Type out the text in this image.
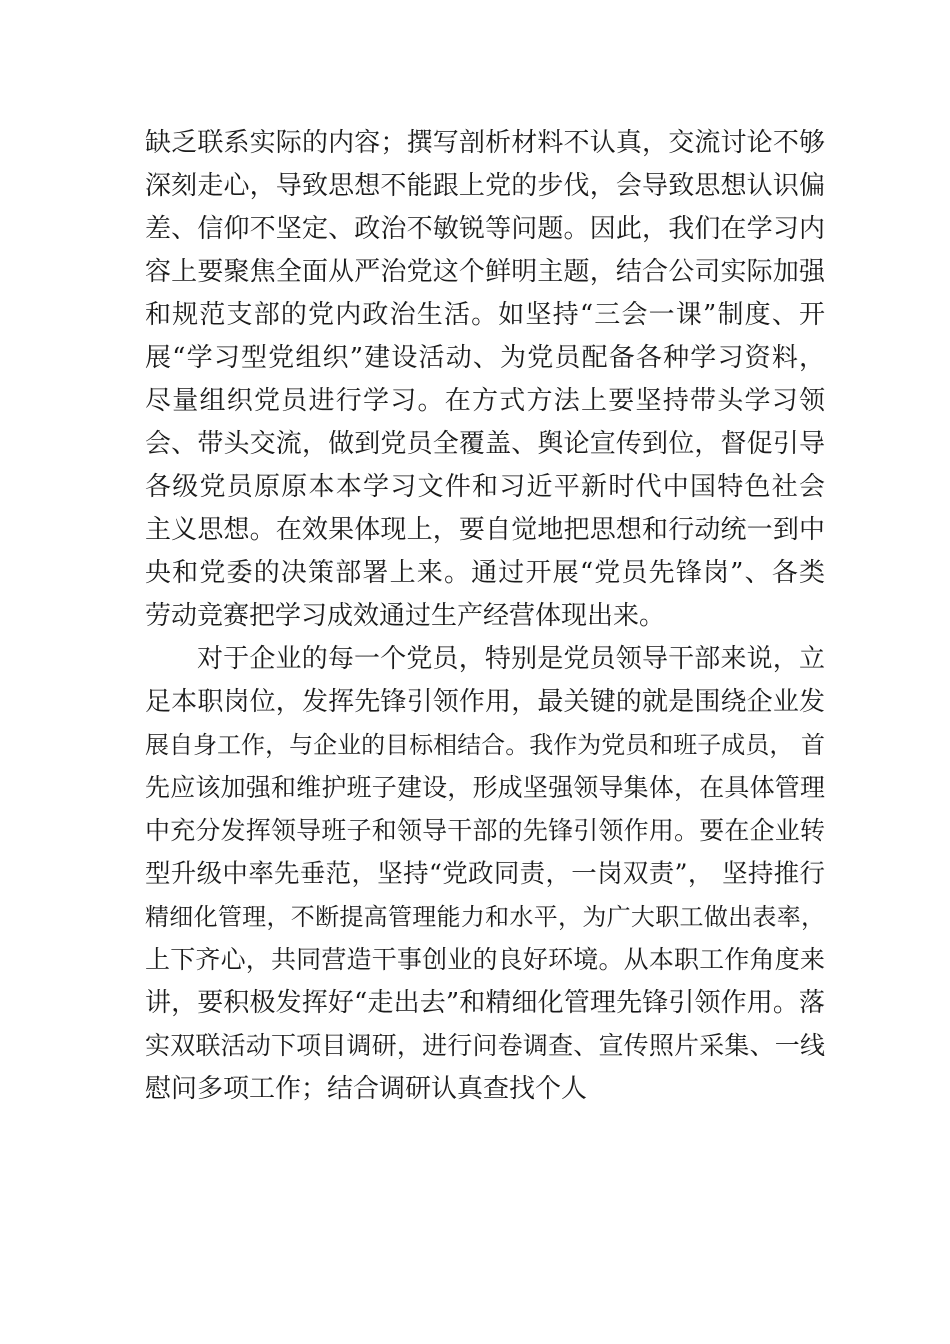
缺乏联系实际的内容；撰写剖析材料不认真，交流讨论不够
深刻走心，导致思想不能跟上党的步伐，会导致思想认识偏
差、信仰不坚定、政治不敏锐等问题。因此，我们在学习内
容上要聚焦全面从严治党这个鲜明主题，结合公司实际加强
和规范支部的党内政治生活。如坚持“三会一课”制度、开
展“学习型党组织”建设活动、为党员配备各种学习资料，
尽量组织党员进行学习。在方式方法上要坚持带头学习领
会、带头交流，做到党员全覆盖、舆论宣传到位，督促引导
各级党员原原本本学习文件和习近平新时代中国特色社会
主义思想。在效果体现上，要自觉地把思想和行动统一到中
央和党委的决策部署上来。通过开展“党员先锋岗”、各类
劳动竞赛把学习成效通过生产经营体现出来。
对于企业的每一个党员，特别是党员领导干部来说，立
足本职岗位，发挥先锋引领作用，最关键的就是围绕企业发
展自身工作，与企业的目标相结合。我作为党员和班子成员， 首
先应该加强和维护班子建设，形成坚强领导集体，在具体管理
中充分发挥领导班子和领导干部的先锋引领作用。要在企业转
型升级中率先垂范，坚持“党政同责，一岗双责”， 坚持推行
精细化管理，不断提高管理能力和水平，为广大职工做出表率，
上下齐心，共同营造干事创业的良好环境。从本职工作角度来
讲，要积极发挥好“走出去”和精细化管理先锋引领作用。落
实双联活动下项目调研，进行问卷调查、宣传照片采集、一线
慰问多项工作；结合调研认真查找个人
